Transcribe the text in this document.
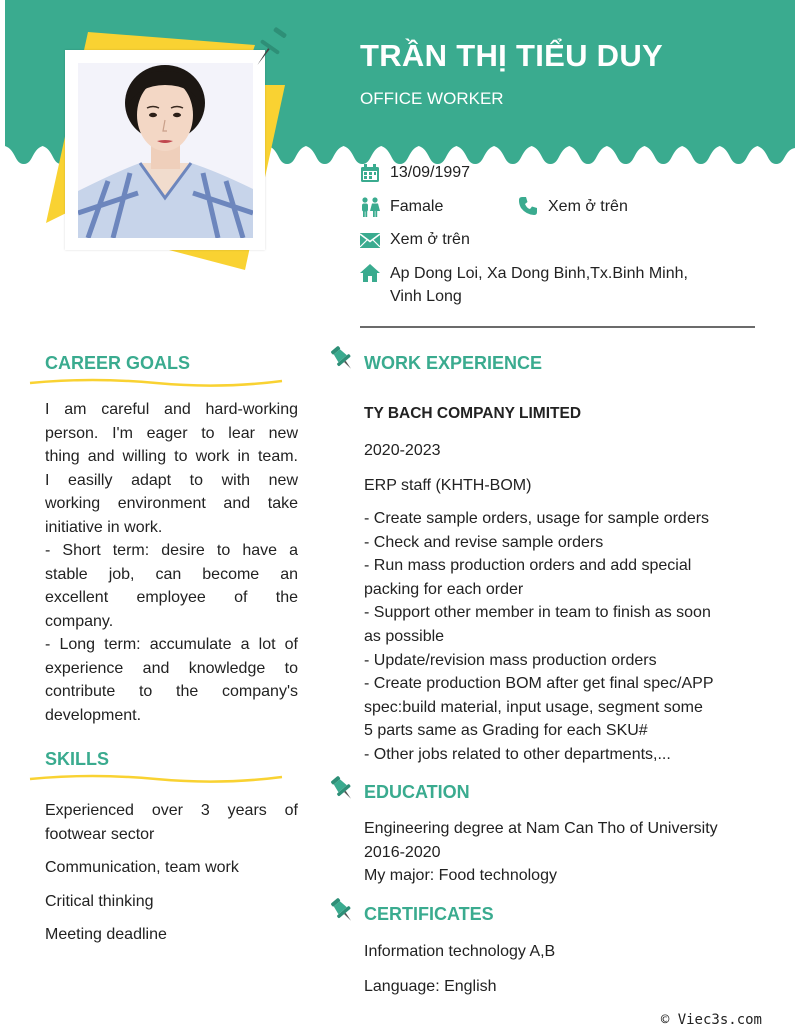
TRẦN THỊ TIỂU DUY
OFFICE WORKER
13/09/1997
Famale	Xem ở trên
Xem ở trên
Ap Dong Loi, Xa Dong Binh,Tx.Binh Minh,
Vinh Long
CAREER GOALS
I am careful and hard-working
person. I'm eager to lear new
thing and willing to work in team.
I easilly adapt to with new
working environment and take
initiative in work.
- Short term: desire to have a
stable job, can become an
excellent employee of the
company.
- Long term: accumulate a lot of
experience and knowledge to
contribute to the company's
development.
SKILLS
Experienced over 3 years of
footwear sector
Communication, team work
Critical thinking
Meeting deadline
WORK EXPERIENCE
TY BACH COMPANY LIMITED
2020-2023
ERP staff (KHTH-BOM)
- Create sample orders, usage for sample orders
- Check and revise sample orders
- Run mass production orders and add special
packing for each order
- Support other member in team to finish as soon
as possible
- Update/revision mass production orders
- Create production BOM after get final spec/APP
spec:build material, input usage, segment some
5 parts same as Grading for each SKU#
- Other jobs related to other departments,...
EDUCATION
Engineering degree at Nam Can Tho of University
2016-2020
My major: Food technology
CERTIFICATES
Information technology A,B
Language: English
© Viec3s.com
